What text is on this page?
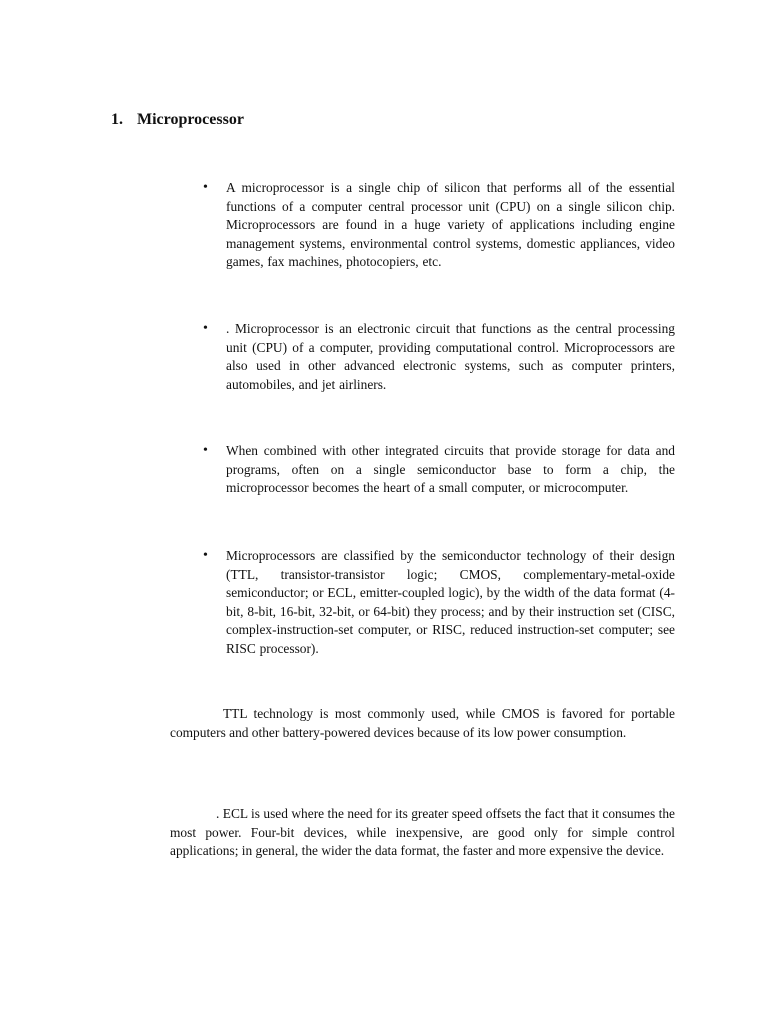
1. Microprocessor
• A microprocessor is a single chip of silicon that performs all of the essential functions of a computer central processor unit (CPU) on a single silicon chip. Microprocessors are found in a huge variety of applications including engine management systems, environmental control systems, domestic appliances, video games, fax machines, photocopiers, etc.
• . Microprocessor is an electronic circuit that functions as the central processing unit (CPU) of a computer, providing computational control. Microprocessors are also used in other advanced electronic systems, such as computer printers, automobiles, and jet airliners.
• When combined with other integrated circuits that provide storage for data and programs, often on a single semiconductor base to form a chip, the microprocessor becomes the heart of a small computer, or microcomputer.
• Microprocessors are classified by the semiconductor technology of their design (TTL, transistor-transistor logic; CMOS, complementary-metal-oxide semiconductor; or ECL, emitter-coupled logic), by the width of the data format (4-bit, 8-bit, 16-bit, 32-bit, or 64-bit) they process; and by their instruction set (CISC, complex-instruction-set computer, or RISC, reduced instruction-set computer; see RISC processor).
TTL technology is most commonly used, while CMOS is favored for portable computers and other battery-powered devices because of its low power consumption.
. ECL is used where the need for its greater speed offsets the fact that it consumes the most power. Four-bit devices, while inexpensive, are good only for simple control applications; in general, the wider the data format, the faster and more expensive the device.
